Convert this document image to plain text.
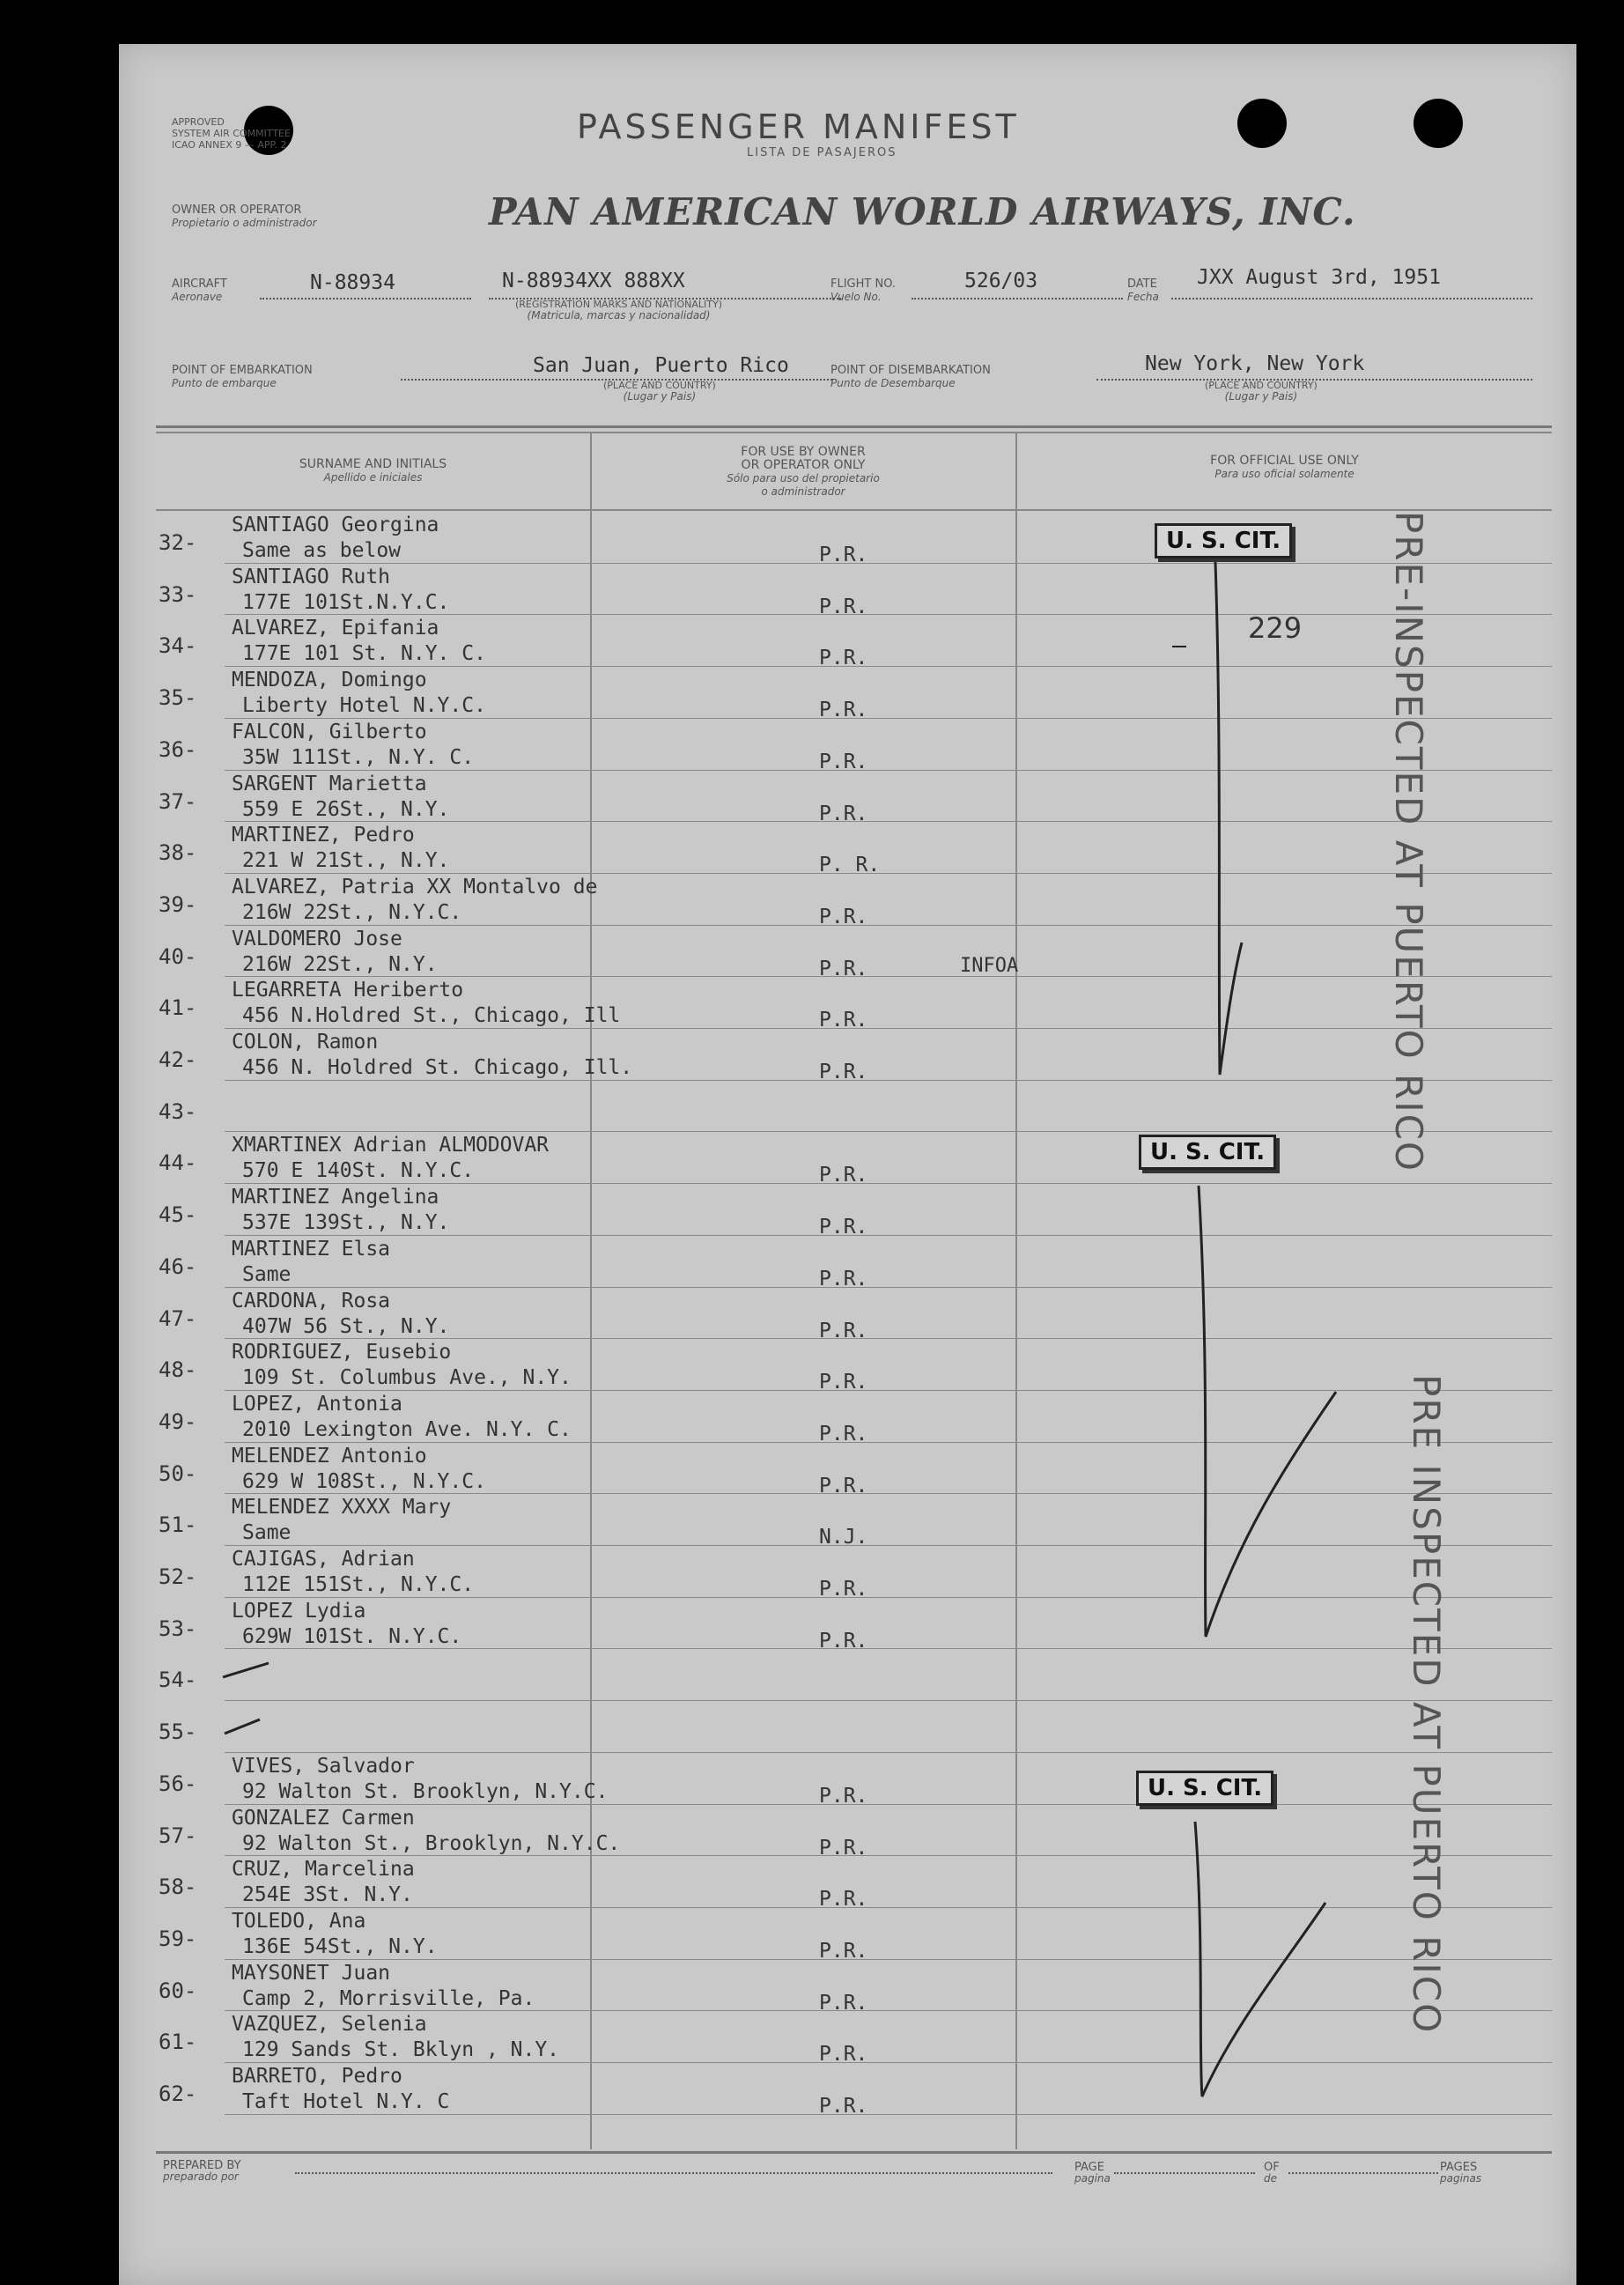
APPROVED
SYSTEM AIR COMMITTEE
ICAO ANNEX 9 — APP. 2	PASSENGER MANIFEST
LISTA DE PASAJEROS
OWNER OR OPERATOR
Propietario o administrador	PAN AMERICAN WORLD AIRWAYS, INC.
AIRCRAFT
Aeronave
N-88934	N-88934XX 888XX
(REGISTRATION MARKS AND NATIONALITY)
(Matricula, marcas y nacionalidad)
FLIGHT NO.
Vuelo No.
526/03	DATE
Fecha
JXX August 3rd, 1951
POINT OF EMBARKATION
Punto de embarque
San Juan, Puerto Rico
(PLACE AND COUNTRY)
(Lugar y Pais)
POINT OF DISEMBARKATION
Punto de Desembarque
New York, New York
(PLACE AND COUNTRY)
(Lugar y Pais)
SURNAME AND INITIALS
Apellido e iniciales
FOR USE BY OWNER
OR OPERATOR ONLY
Sólo para uso del propietario
o administrador
FOR OFFICIAL USE ONLY
Para uso oficial solamente
32-
SANTIAGO Georgina
Same as below	P.R.
33-
SANTIAGO Ruth
177E 101St.N.Y.C.	P.R.
34-
ALVAREZ, Epifania
177E 101 St. N.Y. C.	P.R.
35-
MENDOZA, Domingo
Liberty Hotel N.Y.C.	P.R.
36-
FALCON, Gilberto
35W 111St., N.Y. C.	P.R.
37-
SARGENT Marietta
559 E 26St., N.Y.	P.R.
38-
MARTINEZ, Pedro
221 W 21St., N.Y.	P. R.
39-
ALVAREZ, Patria XX Montalvo de
216W 22St., N.Y.C.	P.R.
40-
VALDOMERO Jose
216W 22St., N.Y.	P.R.	INFOA
41-
LEGARRETA Heriberto
456 N.Holdred St., Chicago, Ill	P.R.
42-
COLON, Ramon
456 N. Holdred St. Chicago, Ill.	P.R.
43-
44-
XMARTINEX Adrian ALMODOVAR
570 E 140St. N.Y.C.	P.R.
45-
MARTINEZ Angelina
537E 139St., N.Y.	P.R.
46-
MARTINEZ Elsa
Same	P.R.
47-
CARDONA, Rosa
407W 56 St., N.Y.	P.R.
48-
RODRIGUEZ, Eusebio
109 St. Columbus Ave., N.Y.	P.R.
49-
LOPEZ, Antonia
2010 Lexington Ave. N.Y. C.	P.R.
50-
MELENDEZ Antonio
629 W 108St., N.Y.C.	P.R.
51-
MELENDEZ XXXX Mary
Same	N.J.
52-
CAJIGAS, Adrian
112E 151St., N.Y.C.	P.R.
53-
LOPEZ Lydia
629W 101St. N.Y.C.	P.R.
54-
55-
56-
VIVES, Salvador
92 Walton St. Brooklyn, N.Y.C.	P.R.
57-
GONZALEZ Carmen
92 Walton St., Brooklyn, N.Y.C.	P.R.
58-
CRUZ, Marcelina
254E 3St. N.Y.	P.R.
59-
TOLEDO, Ana
136E 54St., N.Y.	P.R.
60-
MAYSONET Juan
Camp 2, Morrisville, Pa.	P.R.
61-
VAZQUEZ, Selenia
129 Sands St. Bklyn , N.Y.	P.R.
62-
BARRETO, Pedro
Taft Hotel N.Y. C	P.R.
U. S. CIT.
U. S. CIT.
U. S. CIT.
PRE-INSPECTED AT PUERTO RICO
PRE INSPECTED AT PUERTO RICO
229
PREPARED BY
preparado por
PAGE
pagina
OF
de
PAGES
paginas
